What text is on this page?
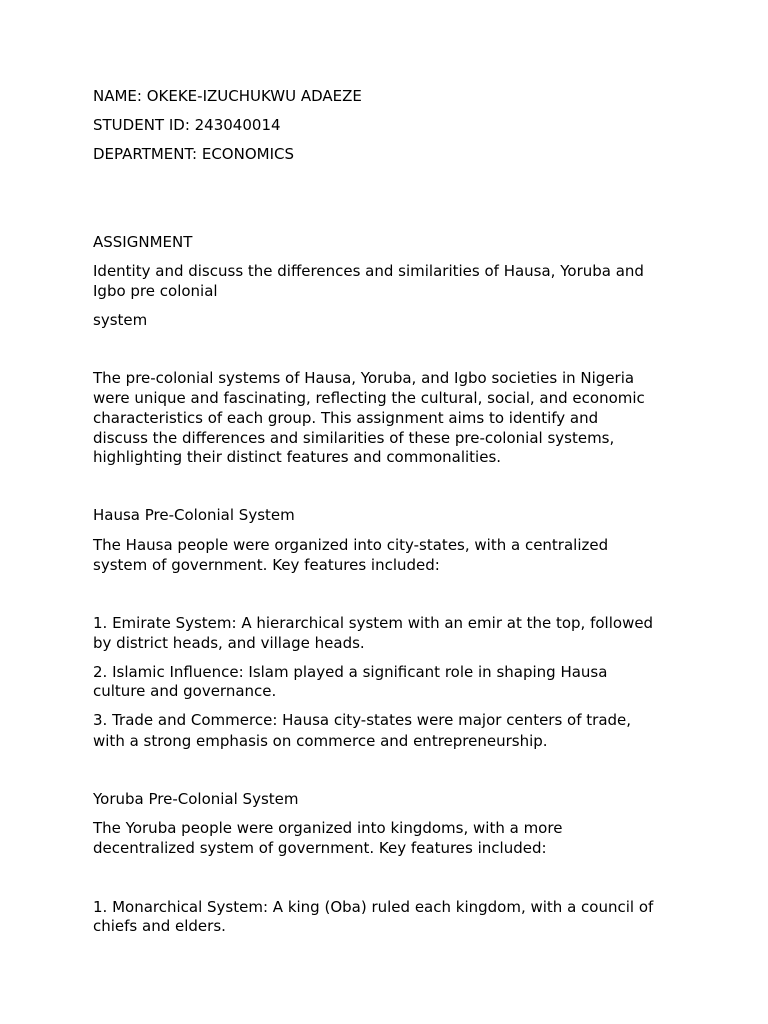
NAME: OKEKE-IZUCHUKWU ADAEZE

STUDENT ID: 243040014

DEPARTMENT: ECONOMICS

ASSIGNMENT

Identity and discuss the differences and similarities of Hausa, Yoruba and

Igbo pre colonial

system

The pre-colonial systems of Hausa, Yoruba, and Igbo societies in Nigeria

were unique and fascinating, reflecting the cultural, social, and economic

characteristics of each group. This assignment aims to identify and

discuss the differences and similarities of these pre-colonial systems,

highlighting their distinct features and commonalities.

Hausa Pre-Colonial System

The Hausa people were organized into city-states, with a centralized

system of government. Key features included:

1. Emirate System: A hierarchical system with an emir at the top, followed

by district heads, and village heads.

2. Islamic Influence: Islam played a significant role in shaping Hausa

culture and governance.

3. Trade and Commerce: Hausa city-states were major centers of trade,

with a strong emphasis on commerce and entrepreneurship.

Yoruba Pre-Colonial System

The Yoruba people were organized into kingdoms, with a more

decentralized system of government. Key features included:

1. Monarchical System: A king (Oba) ruled each kingdom, with a council of

chiefs and elders.
